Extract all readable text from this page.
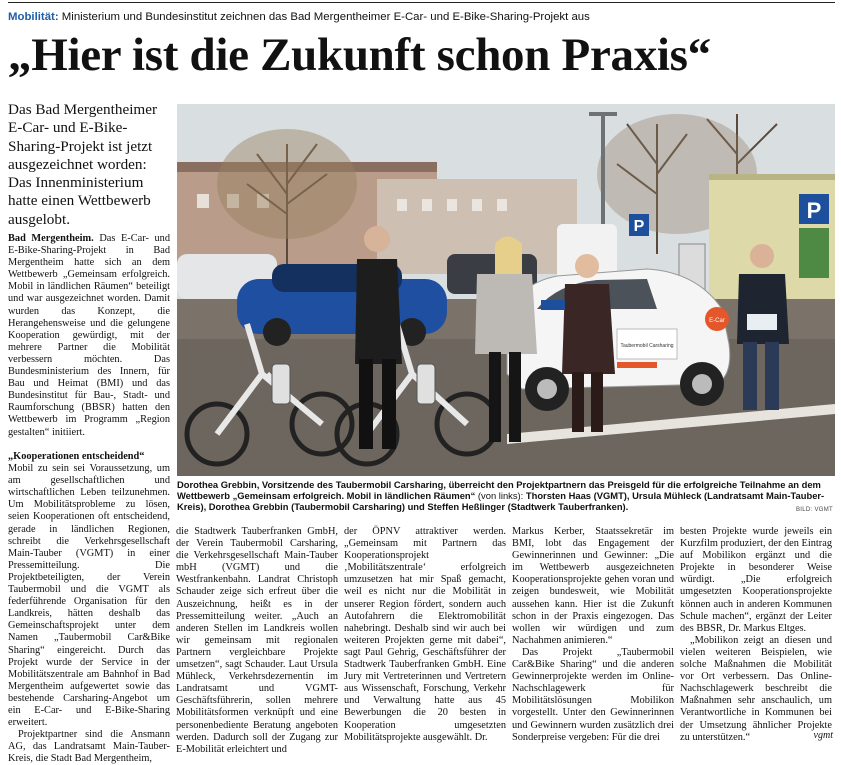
Mobilität: Ministerium und Bundesinstitut zeichnen das Bad Mergentheimer E-Car- und E-Bike-Sharing-Projekt aus
„Hier ist die Zukunft schon Praxis“

Das Bad Mergentheimer E-Car- und E-Bike-Sharing-Projekt ist jetzt ausgezeichnet worden: Das Innenministerium hatte einen Wettbewerb ausgelobt.

Bad Mergentheim. Das E-Car- und E-Bike-Sharing-Projekt in Bad Mergentheim hatte sich an dem Wettbewerb „Gemeinsam erfolgreich. Mobil in ländlichen Räumen“ beteiligt und war ausgezeichnet worden. Damit wurden das Konzept, die Herangehensweise und die gelungene Kooperation gewürdigt, mit der mehrere Partner die Mobilität verbessern möchten. Das Bundesministerium des Innern, für Bau und Heimat (BMI) und das Bundesinstitut für Bau-, Stadt- und Raumforschung (BBSR) hatten den Wettbewerb im Programm „Region gestalten“ initiiert.

„Kooperationen entscheidend“

Mobil zu sein sei Voraussetzung, um am gesellschaftlichen und wirtschaftlichen Leben teilzunehmen. Um Mobilitätsprobleme zu lösen, seien Kooperationen oft entscheidend, gerade in ländlichen Regionen, schreibt die Verkehrsgesellschaft Main-Tauber (VGMT) in einer Pressemitteilung. Die Projektbeteiligten, der Verein Taubermobil und die VGMT als federführende Organisation für den Landkreis, hätten deshalb das Gemeinschaftsprojekt unter dem Namen „Taubermobil Car&Bike Sharing“ eingereicht. Durch das Projekt wurde der Service in der Mobilitätszentrale am Bahnhof in Bad Mergentheim aufgewertet sowie das bestehende Carsharing-Angebot um ein E-Car- und E-Bike-Sharing erweitert.

Projektpartner sind die Ansmann AG, das Landratsamt Main-Tauber-Kreis, die Stadt Bad Mergentheim,

P
P
Taubermobil Carsharing
E-Car
Dorothea Grebbin, Vorsitzende des Taubermobil Carsharing, überreicht den Projektpartnern das Preisgeld für die erfolgreiche Teilnahme an dem Wettbewerb „Gemeinsam erfolgreich. Mobil in ländlichen Räumen“ (von links): Thorsten Haas (VGMT), Ursula Mühleck (Landratsamt Main-Tauber-Kreis), Dorothea Grebbin (Taubermobil Carsharing) und Steffen Heßlinger (Stadtwerk Tauberfranken).	BILD: VGMT

die Stadtwerk Tauberfranken GmbH, der Verein Taubermobil Carsharing, die Verkehrsgesellschaft Main-Tauber mbH (VGMT) und die Westfrankenbahn. Landrat Christoph Schauder zeige sich erfreut über die Auszeichnung, heißt es in der Pressemitteilung weiter. „Auch an anderen Stellen im Landkreis wollen wir gemeinsam mit regionalen Partnern vergleichbare Projekte umsetzen“, sagt Schauder. Laut Ursula Mühleck, Verkehrsdezernentin im Landratsamt und VGMT-Geschäftsführerin, sollen mehrere Mobilitätsformen verknüpft und eine personenbediente Beratung angeboten werden. Dadurch soll der Zugang zur E-Mobilität erleichtert und

der ÖPNV attraktiver werden. „Gemeinsam mit Partnern das Kooperationsprojekt ‚Mobilitätszentrale‘ erfolgreich umzusetzen hat mir Spaß gemacht, weil es nicht nur die Mobilität in unserer Region fördert, sondern auch Autofahrern die Elektromobilität nahebringt. Deshalb sind wir auch bei weiteren Projekten gerne mit dabei“, sagt Paul Gehrig, Geschäftsführer der Stadtwerk Tauberfranken GmbH. Eine Jury mit Vertreterinnen und Vertretern aus Wissenschaft, Forschung, Verkehr und Verwaltung hatte aus 45 Bewerbungen die 20 besten in Kooperation umgesetzten Mobilitätsprojekte ausgewählt. Dr.

Markus Kerber, Staatssekretär im BMI, lobt das Engagement der Gewinnerinnen und Gewinner: „Die im Wettbewerb ausgezeichneten Kooperationsprojekte gehen voran und zeigen bundesweit, wie Mobilität aussehen kann. Hier ist die Zukunft schon in der Praxis eingezogen. Das wollen wir würdigen und zum Nachahmen animieren.“

Das Projekt „Taubermobil Car&Bike Sharing“ und die anderen Gewinnerprojekte werden im Online-Nachschlagewerk für Mobilitätslösungen Mobilikon vorgestellt. Unter den Gewinnerinnen und Gewinnern wurden zusätzlich drei Sonderpreise vergeben: Für die drei

besten Projekte wurde jeweils ein Kurzfilm produziert, der den Eintrag auf Mobilikon ergänzt und die Projekte in besonderer Weise würdigt. „Die erfolgreich umgesetzten Kooperationsprojekte können auch in anderen Kommunen Schule machen“, ergänzt der Leiter des BBSR, Dr. Markus Eltges.

„Mobilikon zeigt an diesen und vielen weiteren Beispielen, wie solche Maßnahmen die Mobilität vor Ort verbessern. Das Online-Nachschlagewerk beschreibt die Maßnahmen sehr anschaulich, um Verantwortliche in Kommunen bei der Umsetzung ähnlicher Projekte zu unterstützen.“	vgmt
